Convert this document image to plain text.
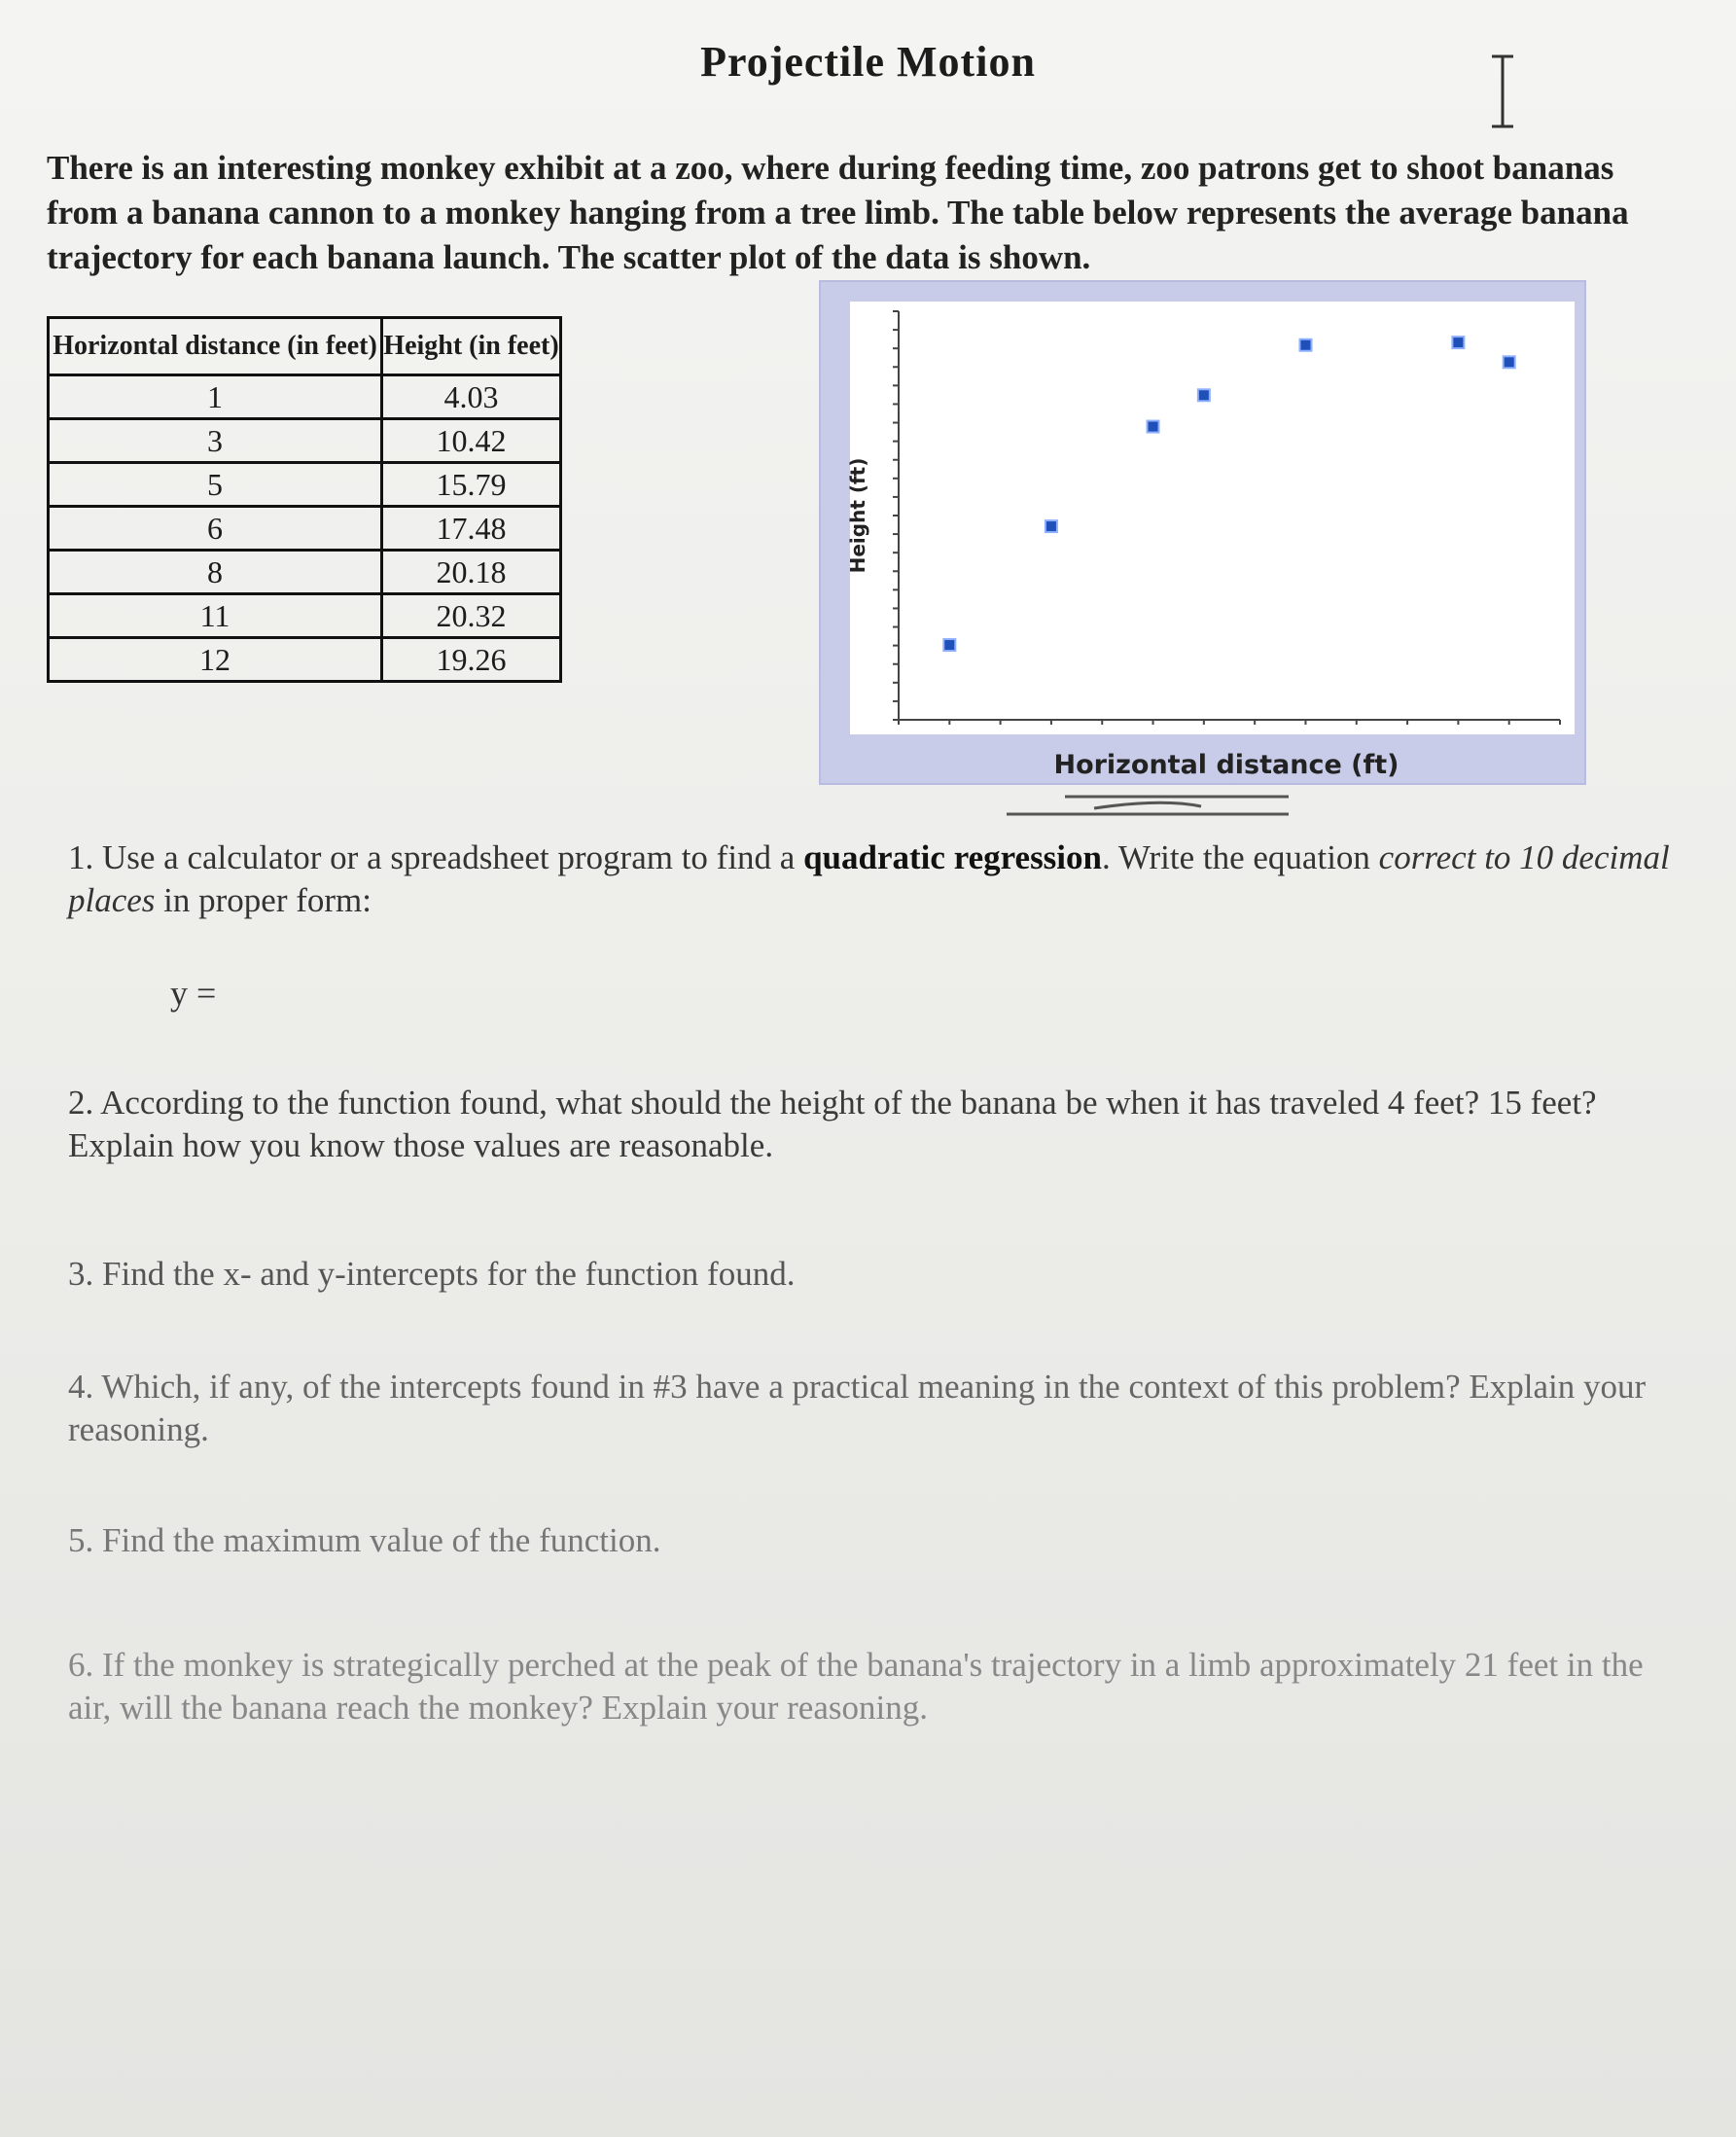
Projectile Motion
There is an interesting monkey exhibit at a zoo, where during feeding time, zoo patrons get to shoot bananas from a banana cannon to a monkey hanging from a tree limb. The table below represents the average banana trajectory for each banana launch. The scatter plot of the data is shown.
Horizontal distance (in feet)	Height (in feet)
1	4.03
3	10.42
5	15.79
6	17.48
8	20.18
11	20.32
12	19.26
Horizontal distance (ft)
Height (ft)
1. Use a calculator or a spreadsheet program to find a quadratic regression. Write the equation correct to 10 decimal places in proper form:
y =
2. According to the function found, what should the height of the banana be when it has traveled 4 feet? 15 feet? Explain how you know those values are reasonable.
3. Find the x- and y-intercepts for the function found.
4. Which, if any, of the intercepts found in #3 have a practical meaning in the context of this problem? Explain your reasoning.
5. Find the maximum value of the function.
6. If the monkey is strategically perched at the peak of the banana's trajectory in a limb approximately 21 feet in the air, will the banana reach the monkey? Explain your reasoning.
